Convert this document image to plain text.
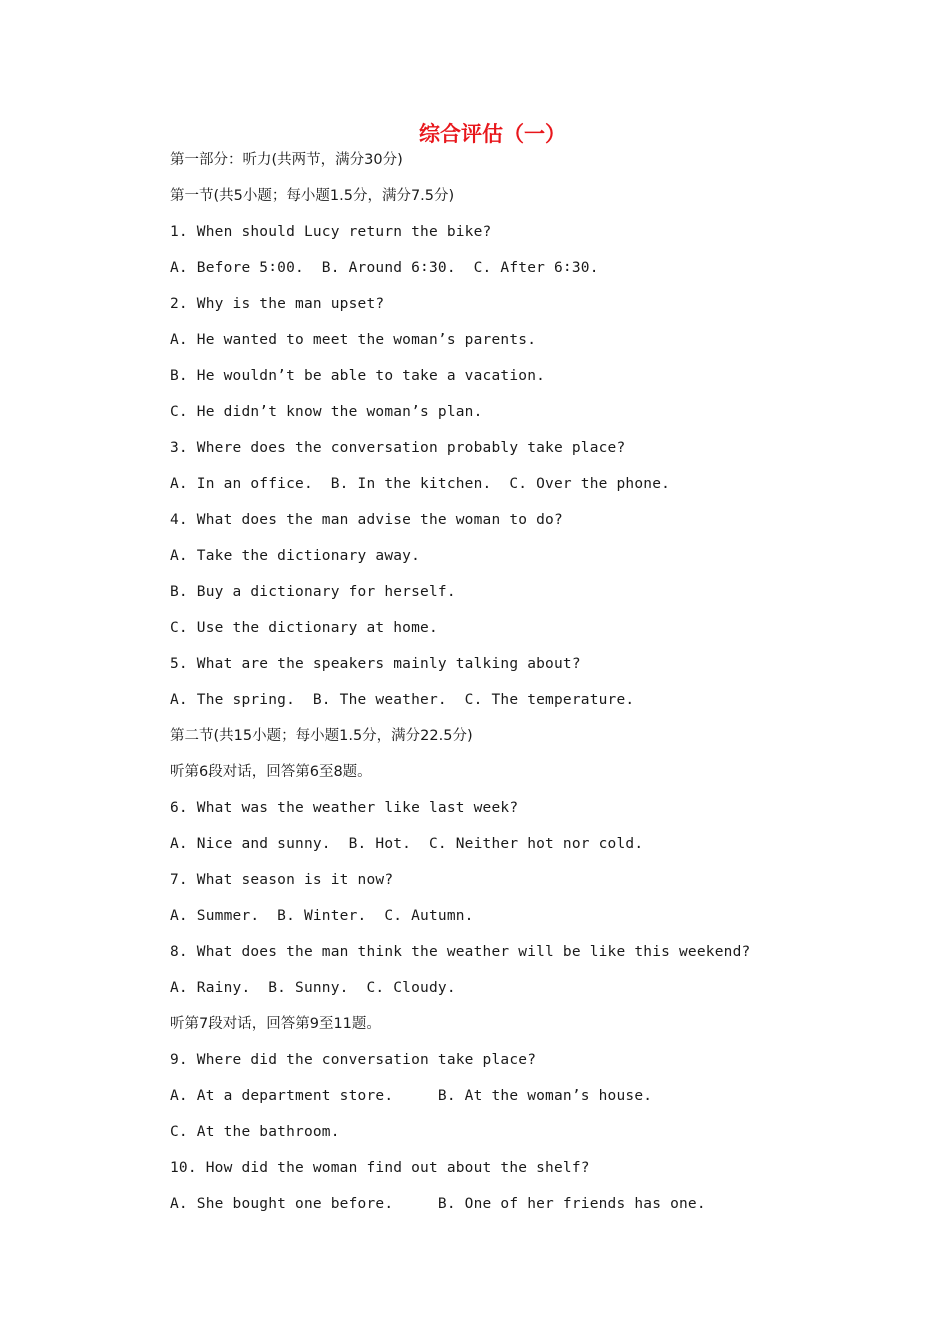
综合评估（一）

第一部分：听力(共两节，满分30分)

第一节(共5小题；每小题1.5分，满分7.5分)

1. When should Lucy return the bike?

A. Before 5∶00.  B. Around 6∶30.  C. After 6∶30.

2. Why is the man upset?

A. He wanted to meet the woman’s parents.

B. He wouldn’t be able to take a vacation.

C. He didn’t know the woman’s plan.

3. Where does the conversation probably take place?

A. In an office.  B. In the kitchen.  C. Over the phone.

4. What does the man advise the woman to do?

A. Take the dictionary away.

B. Buy a dictionary for herself.

C. Use the dictionary at home.

5. What are the speakers mainly talking about?

A. The spring.  B. The weather.  C. The temperature.

第二节(共15小题；每小题1.5分，满分22.5分)

听第6段对话，回答第6至8题。

6. What was the weather like last week?

A. Nice and sunny.  B. Hot.  C. Neither hot nor cold.

7. What season is it now?

A. Summer.  B. Winter.  C. Autumn.

8. What does the man think the weather will be like this weekend?

A. Rainy.  B. Sunny.  C. Cloudy.

听第7段对话，回答第9至11题。

9. Where did the conversation take place?

A. At a department store.     B. At the woman’s house.

C. At the bathroom.

10. How did the woman find out about the shelf?

A. She bought one before.     B. One of her friends has one.
